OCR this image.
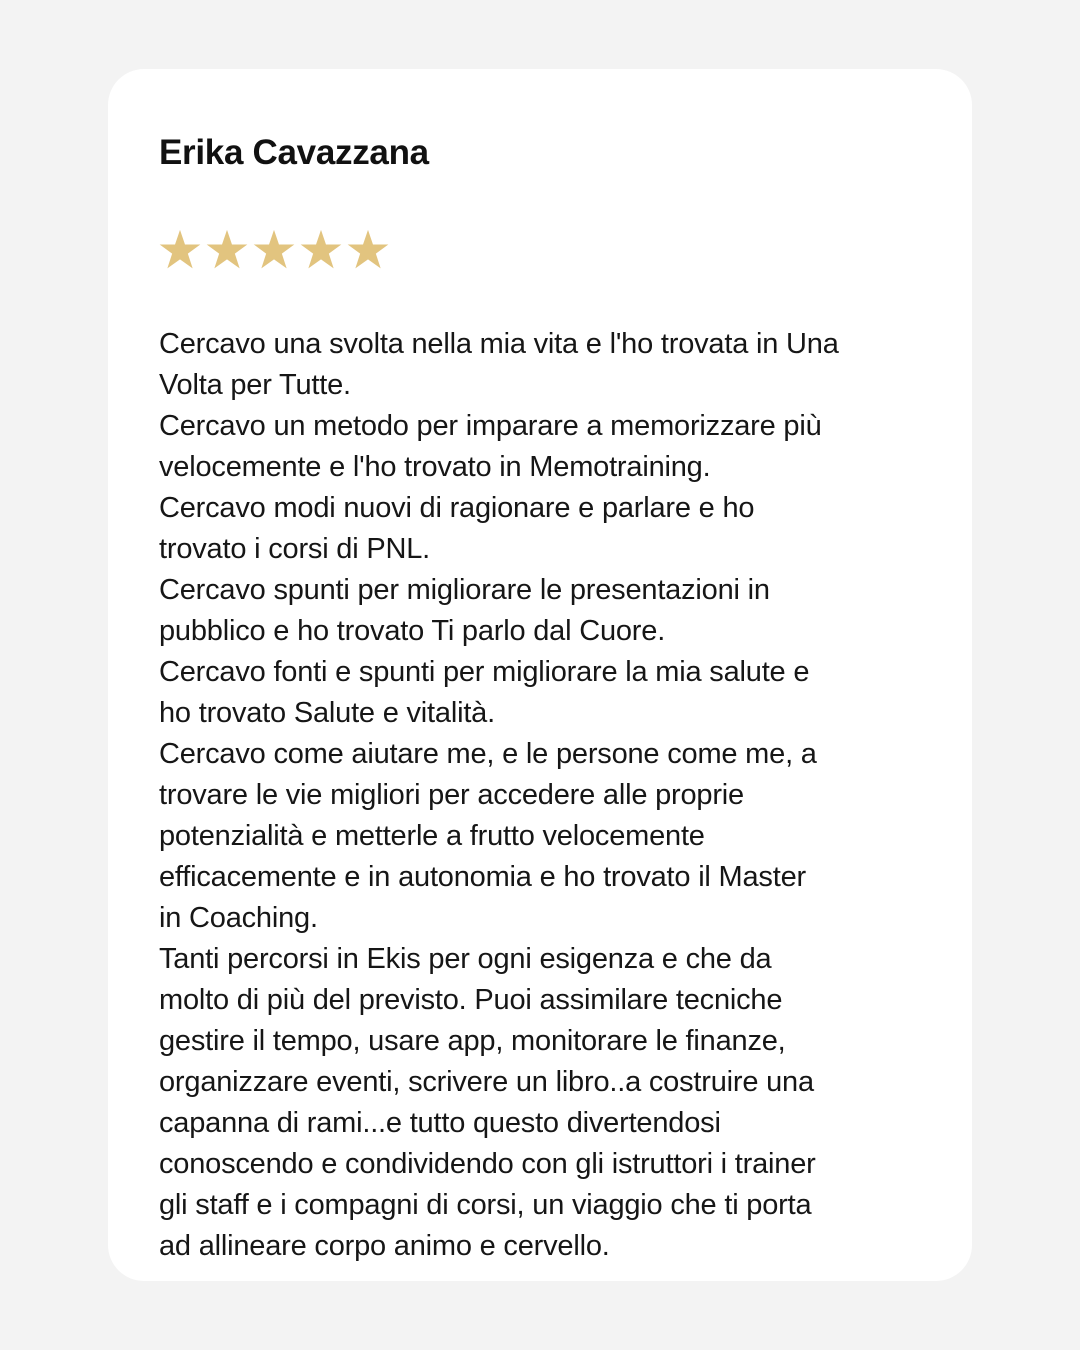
Erika Cavazzana
Cercavo una svolta nella mia vita e l'ho trovata in Una
Volta per Tutte.
Cercavo un metodo per imparare a memorizzare più
velocemente e l'ho trovato in Memotraining.
Cercavo modi nuovi di ragionare e parlare e ho
trovato i corsi di PNL.
Cercavo spunti per migliorare le presentazioni in
pubblico e ho trovato Ti parlo dal Cuore.
Cercavo fonti e spunti per migliorare la mia salute e
ho trovato Salute e vitalità.
Cercavo come aiutare me, e le persone come me, a
trovare le vie migliori per accedere alle proprie
potenzialità e metterle a frutto velocemente
efficacemente e in autonomia e ho trovato il Master
in Coaching.
Tanti percorsi in Ekis per ogni esigenza e che da
molto di più del previsto. Puoi assimilare tecniche
gestire il tempo, usare app, monitorare le finanze,
organizzare eventi, scrivere un libro..a costruire una
capanna di rami...e tutto questo divertendosi
conoscendo e condividendo con gli istruttori i trainer
gli staff e i compagni di corsi, un viaggio che ti porta
ad allineare corpo animo e cervello.
